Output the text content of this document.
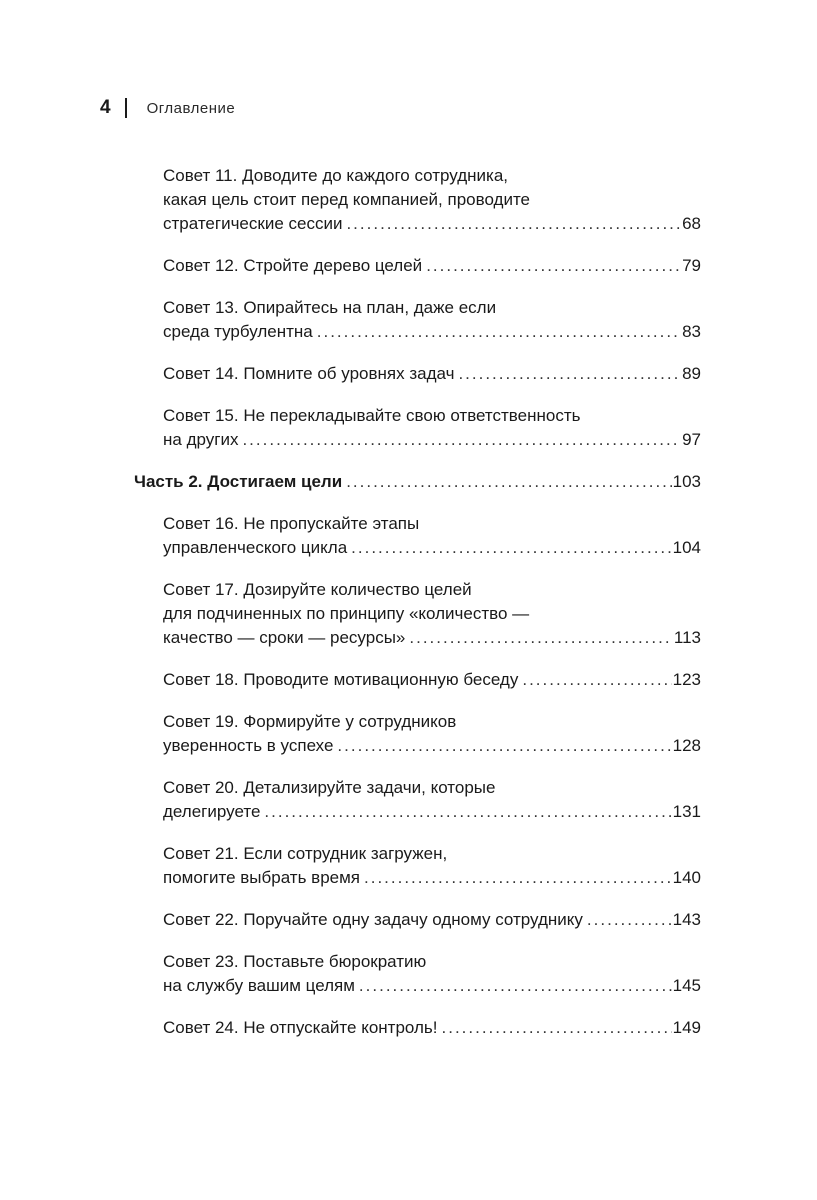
4 Оглавление
Совет 11. Доводите до каждого сотрудника,
какая цель стоит перед компанией, проводите
стратегические сессии .....	68
Совет 12. Стройте дерево целей .....	79
Совет 13. Опирайтесь на план, даже если
среда турбулентна .....	83
Совет 14. Помните об уровнях задач .....	89
Совет 15. Не перекладывайте свою ответственность
на других .....	97
Часть 2. Достигаем цели .....	103
Совет 16. Не пропускайте этапы
управленческого цикла .....	104
Совет 17. Дозируйте количество целей
для подчиненных по принципу «количество —
качество — сроки — ресурсы» .....	113
Совет 18. Проводите мотивационную беседу .....	123
Совет 19. Формируйте у сотрудников
уверенность в успехе .....	128
Совет 20. Детализируйте задачи, которые
делегируете .....	131
Совет 21. Если сотрудник загружен,
помогите выбрать время .....	140
Совет 22. Поручайте одну задачу одному сотруднику .....	143
Совет 23. Поставьте бюрократию
на службу вашим целям .....	145
Совет 24. Не отпускайте контроль! .....	149
